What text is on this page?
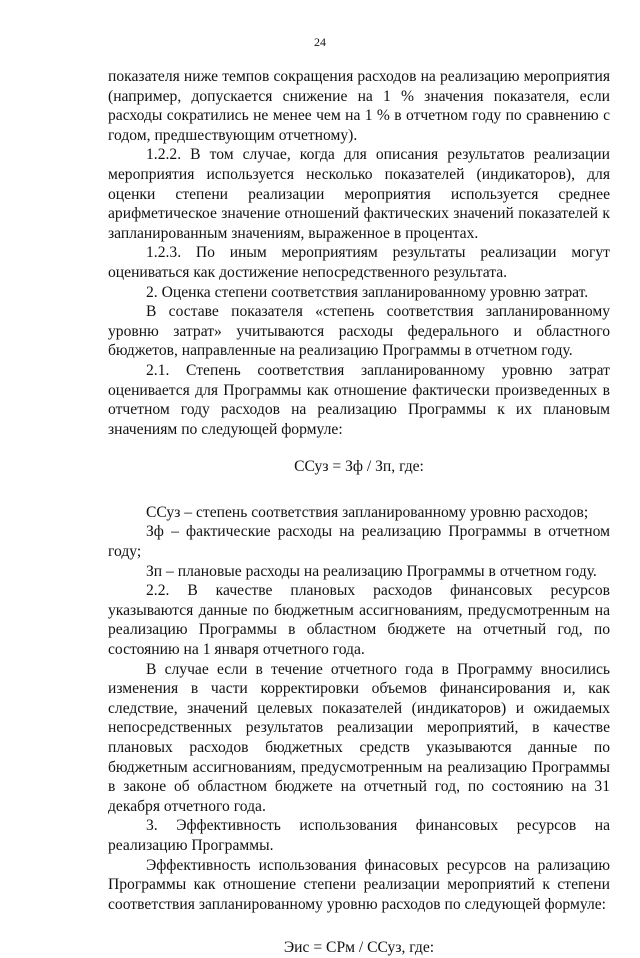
24

показателя ниже темпов сокращения расходов на реализацию мероприятия (например, допускается снижение на 1 % значения показателя, если расходы сократились не менее чем на 1 % в отчетном году по сравнению с годом, предшествующим отчетному).

1.2.2. В том случае, когда для описания результатов реализации мероприятия используется несколько показателей (индикаторов), для оценки степени реализации мероприятия используется среднее арифметическое значение отношений фактических значений показателей к запланированным значениям, выраженное в процентах.

1.2.3. По иным мероприятиям результаты реализации могут оцениваться как достижение непосредственного результата.

2. Оценка степени соответствия запланированному уровню затрат.

В составе показателя «степень соответствия запланированному уровню затрат» учитываются расходы федерального и областного бюджетов, направленные на реализацию Программы в отчетном году.

2.1. Степень соответствия запланированному уровню затрат оценивается для Программы как отношение фактически произведенных в отчетном году расходов на реализацию Программы к их плановым значениям по следующей формуле:

ССуз = Зф / Зп, где:

ССуз – степень соответствия запланированному уровню расходов;

Зф – фактические расходы на реализацию Программы в отчетном году;

Зп – плановые расходы на реализацию Программы в отчетном году.

2.2. В качестве плановых расходов финансовых ресурсов указываются данные по бюджетным ассигнованиям, предусмотренным на реализацию Программы в областном бюджете на отчетный год, по состоянию на 1 января отчетного года.

В случае если в течение отчетного года в Программу вносились изменения в части корректировки объемов финансирования и, как следствие, значений целевых показателей (индикаторов) и ожидаемых непосредственных результатов реализации мероприятий, в качестве плановых расходов бюджетных средств указываются данные по бюджетным ассигнованиям, предусмотренным на реализацию Программы в законе об областном бюджете на отчетный год, по состоянию на 31 декабря отчетного года.

3. Эффективность использования финансовых ресурсов на реализацию Программы.

Эффективность использования финасовых ресурсов на рализацию Программы как отношение степени реализации мероприятий к степени соответствия запланированному уровню расходов по следующей формуле:

Эис = СРм / ССуз, где:
